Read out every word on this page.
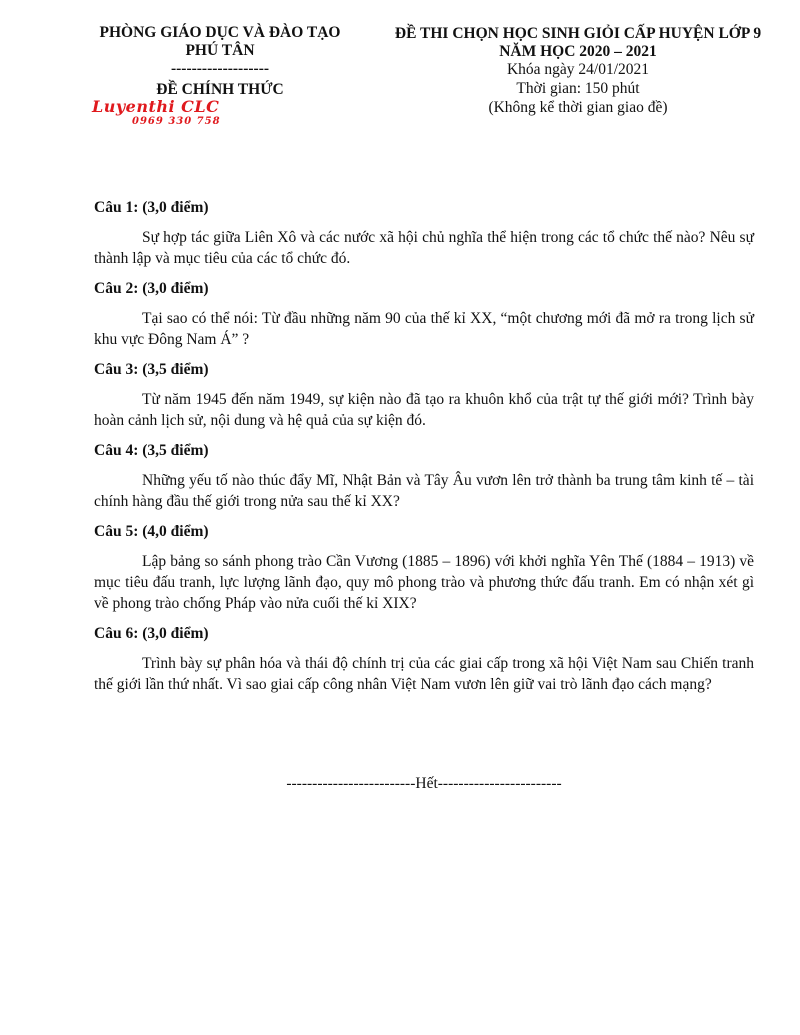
PHÒNG GIÁO DỤC VÀ ĐÀO TẠO
PHÚ TÂN
-------------------
ĐỀ CHÍNH THỨC
ĐỀ THI CHỌN HỌC SINH GIỎI CẤP HUYỆN LỚP 9
NĂM HỌC 2020 – 2021
Khóa ngày 24/01/2021
Thời gian: 150 phút
(Không kể thời gian giao đề)
Luyenthi CLC
0969 330 758
Câu 1: (3,0 điểm)
Sự hợp tác giữa Liên Xô và các nước xã hội chủ nghĩa thể hiện trong các tổ chức thế nào? Nêu sự thành lập và mục tiêu của các tổ chức đó.
Câu 2: (3,0 điểm)
Tại sao có thể nói: Từ đầu những năm 90 của thế kỉ XX, “một chương mới đã mở ra trong lịch sử khu vực Đông Nam Á” ?
Câu 3: (3,5 điểm)
Từ năm 1945 đến năm 1949, sự kiện nào đã tạo ra khuôn khổ của trật tự thế giới mới? Trình bày hoàn cảnh lịch sử, nội dung và hệ quả của sự kiện đó.
Câu 4: (3,5 điểm)
Những yếu tố nào thúc đẩy Mĩ, Nhật Bản và Tây Âu vươn lên trở thành ba trung tâm kinh tế – tài chính hàng đầu thế giới trong nửa sau thế kỉ XX?
Câu 5: (4,0 điểm)
Lập bảng so sánh phong trào Cần Vương (1885 – 1896) với khởi nghĩa Yên Thế (1884 – 1913) về mục tiêu đấu tranh, lực lượng lãnh đạo, quy mô phong trào và phương thức đấu tranh. Em có nhận xét gì về phong trào chống Pháp vào nửa cuối thế kỉ XIX?
Câu 6: (3,0 điểm)
Trình bày sự phân hóa và thái độ chính trị của các giai cấp trong xã hội Việt Nam sau Chiến tranh thế giới lần thứ nhất. Vì sao giai cấp công nhân Việt Nam vươn lên giữ vai trò lãnh đạo cách mạng?
-------------------------Hết------------------------
